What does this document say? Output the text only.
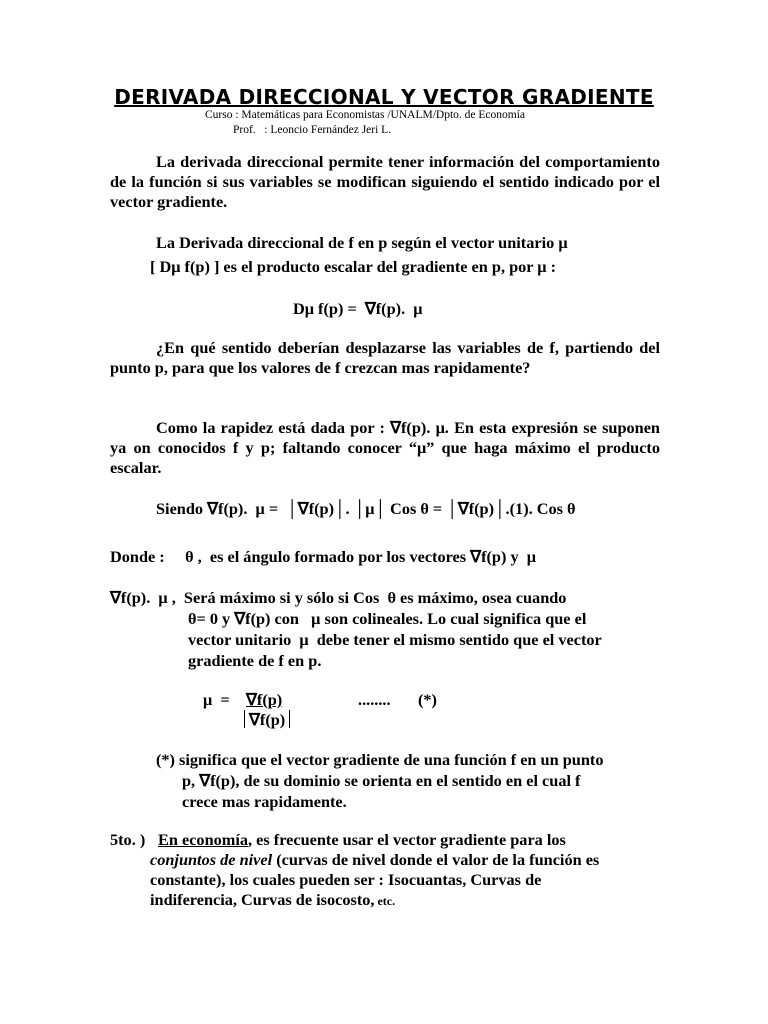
DERIVADA DIRECCIONAL Y VECTOR GRADIENTE
Curso : Matemáticas para Economistas /UNALM/Dpto. de Economía
Prof.   : Leoncio Fernández Jeri L.
La derivada direccional permite tener información del comportamiento de la función si sus variables se modifican siguiendo el sentido indicado por el vector gradiente.
La Derivada direccional de f en p según el vector unitario μ
[ Dμ f(p) ] es el producto escalar del gradiente en p, por μ :
Dμ f(p) =  ∇f(p).  μ
¿En qué sentido deberían desplazarse las variables de f, partiendo del punto p, para que los valores de f crezcan mas rapidamente?
Como la rapidez está dada por : ∇f(p). μ. En esta expresión se suponen ya on conocidos f y p; faltando conocer “μ” que haga máximo el producto escalar.
Siendo ∇f(p).  μ =  │∇f(p)│. │μ│ Cos θ = │∇f(p)│.(1). Cos θ
Donde :     θ ,  es el ángulo formado por los vectores ∇f(p) y  μ
∇f(p).  μ ,  Será máximo si y sólo si Cos  θ es máximo, osea cuando
θ= 0 y ∇f(p) con   μ son colineales. Lo cual significa que el
vector unitario  μ  debe tener el mismo sentido que el vector
gradiente de f en p.
μ  = ∇f(p)
∇f(p)
........ (*)
(*) significa que el vector gradiente de una función f en un punto
p, ∇f(p), de su dominio se orienta en el sentido en el cual f
crece mas rapidamente.
5to. ) En economía, es frecuente usar el vector gradiente para los
conjuntos de nivel (curvas de nivel donde el valor de la función es
constante), los cuales pueden ser : Isocuantas, Curvas de
indiferencia, Curvas de isocosto, etc.
